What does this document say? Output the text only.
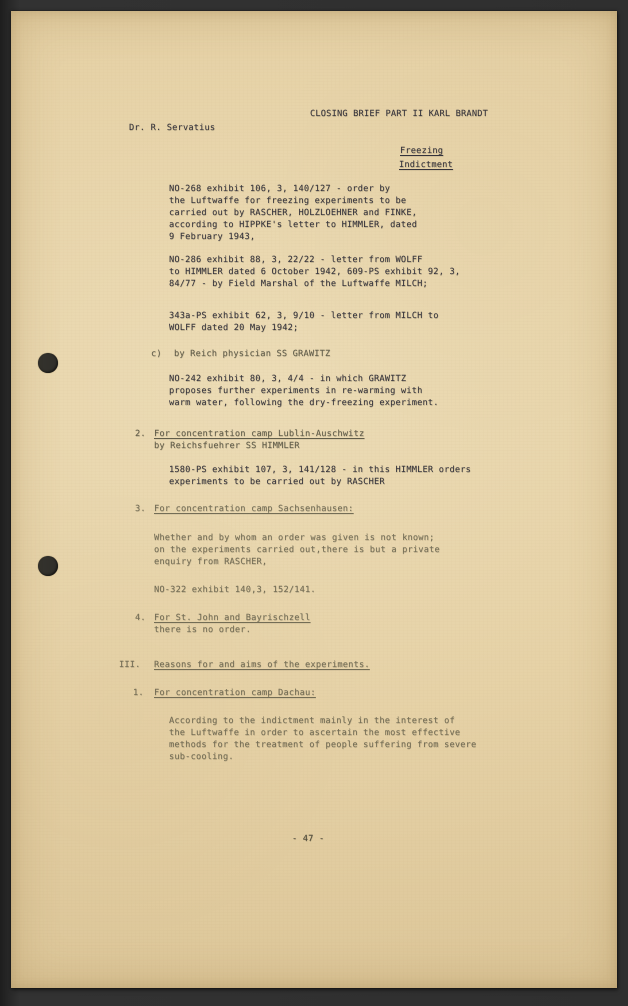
CLOSING BRIEF PART II KARL BRANDT
Dr. R. Servatius
Freezing
Indictment
NO-268 exhibit 106, 3, 140/127 - order by
the Luftwaffe for freezing experiments to be
carried out by RASCHER, HOLZLOEHNER and FINKE,
according to HIPPKE's letter to HIMMLER, dated
9 February 1943,
NO-286 exhibit 88, 3, 22/22 - letter from WOLFF
to HIMMLER dated 6 October 1942, 609-PS exhibit 92, 3,
84/77 - by Field Marshal of the Luftwaffe MILCH;
343a-PS exhibit 62, 3, 9/10 - letter from MILCH to
WOLFF dated 20 May 1942;
c) by Reich physician SS GRAWITZ
NO-242 exhibit 80, 3, 4/4 - in which GRAWITZ
proposes further experiments in re-warming with
warm water, following the dry-freezing experiment.
2. For concentration camp Lublin-Auschwitz
by Reichsfuehrer SS HIMMLER
1580-PS exhibit 107, 3, 141/128 - in this HIMMLER orders
experiments to be carried out by RASCHER
3. For concentration camp Sachsenhausen:
Whether and by whom an order was given is not known;
on the experiments carried out,there is but a private
enquiry from RASCHER,
NO-322 exhibit 140,3, 152/141.
4. For St. John and Bayrischzell
there is no order.
III. Reasons for and aims of the experiments.
1. For concentration camp Dachau:
According to the indictment mainly in the interest of
the Luftwaffe in order to ascertain the most effective
methods for the treatment of people suffering from severe
sub-cooling.
- 47 -
